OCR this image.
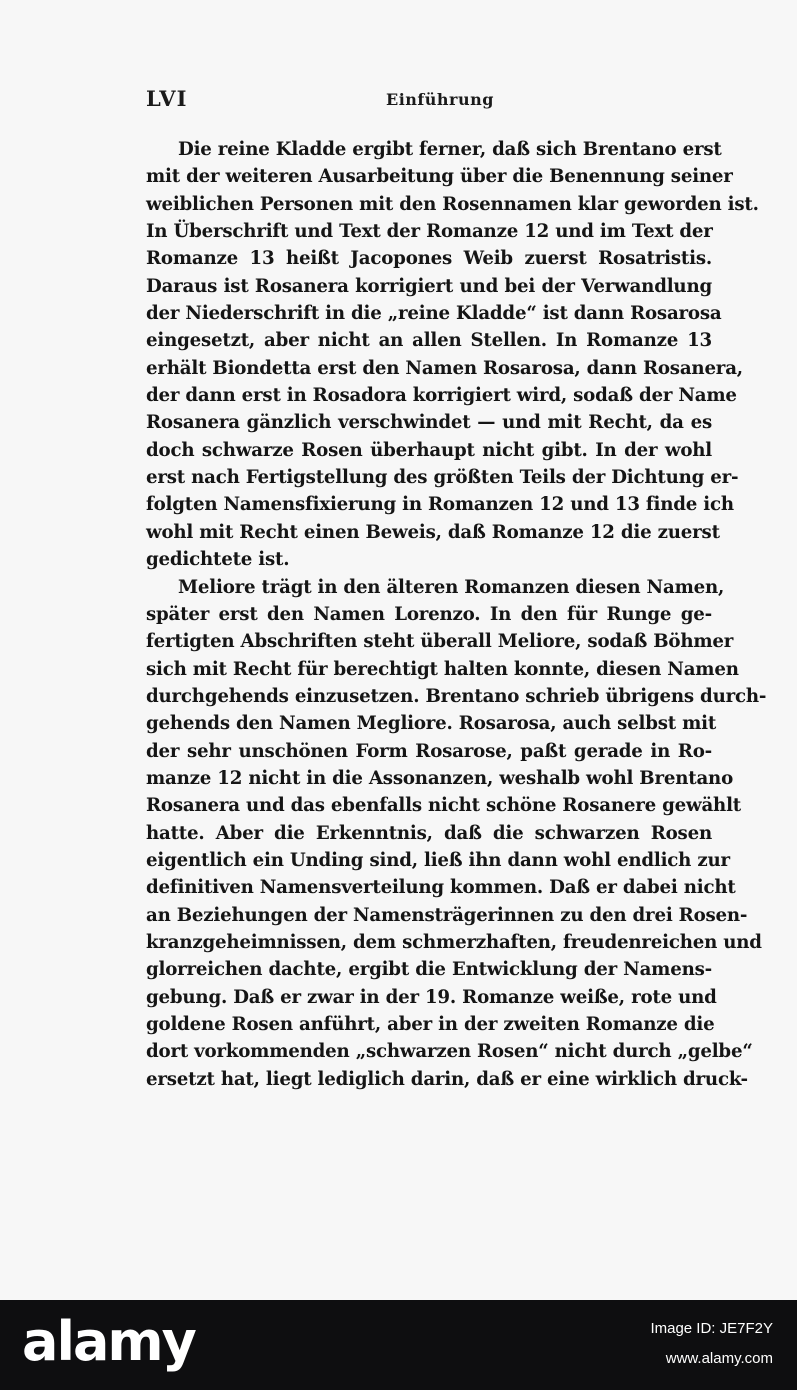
LVI	Einführung
Die reine Kladde ergibt ferner, daß sich Brentano erst
mit der weiteren Ausarbeitung über die Benennung seiner
weiblichen Personen mit den Rosennamen klar geworden ist.
In Überschrift und Text der Romanze 12 und im Text der
Romanze 13 heißt Jacopones Weib zuerst Rosatristis.
Daraus ist Rosanera korrigiert und bei der Verwandlung
der Niederschrift in die „reine Kladde“ ist dann Rosarosa
eingesetzt, aber nicht an allen Stellen. In Romanze 13
erhält Biondetta erst den Namen Rosarosa, dann Rosanera,
der dann erst in Rosadora korrigiert wird, sodaß der Name
Rosanera gänzlich verschwindet — und mit Recht, da es
doch schwarze Rosen überhaupt nicht gibt. In der wohl
erst nach Fertigstellung des größten Teils der Dichtung er-
folgten Namensfixierung in Romanzen 12 und 13 finde ich
wohl mit Recht einen Beweis, daß Romanze 12 die zuerst
gedichtete ist.
Meliore trägt in den älteren Romanzen diesen Namen,
später erst den Namen Lorenzo. In den für Runge ge-
fertigten Abschriften steht überall Meliore, sodaß Böhmer
sich mit Recht für berechtigt halten konnte, diesen Namen
durchgehends einzusetzen. Brentano schrieb übrigens durch-
gehends den Namen Megliore. Rosarosa, auch selbst mit
der sehr unschönen Form Rosarose, paßt gerade in Ro-
manze 12 nicht in die Assonanzen, weshalb wohl Brentano
Rosanera und das ebenfalls nicht schöne Rosanere gewählt
hatte. Aber die Erkenntnis, daß die schwarzen Rosen
eigentlich ein Unding sind, ließ ihn dann wohl endlich zur
definitiven Namensverteilung kommen. Daß er dabei nicht
an Beziehungen der Namensträgerinnen zu den drei Rosen-
kranzgeheimnissen, dem schmerzhaften, freudenreichen und
glorreichen dachte, ergibt die Entwicklung der Namens-
gebung. Daß er zwar in der 19. Romanze weiße, rote und
goldene Rosen anführt, aber in der zweiten Romanze die
dort vorkommenden „schwarzen Rosen“ nicht durch „gelbe“
ersetzt hat, liegt lediglich darin, daß er eine wirklich druck-
alamy	Image ID: JE7F2Y
www.alamy.com
